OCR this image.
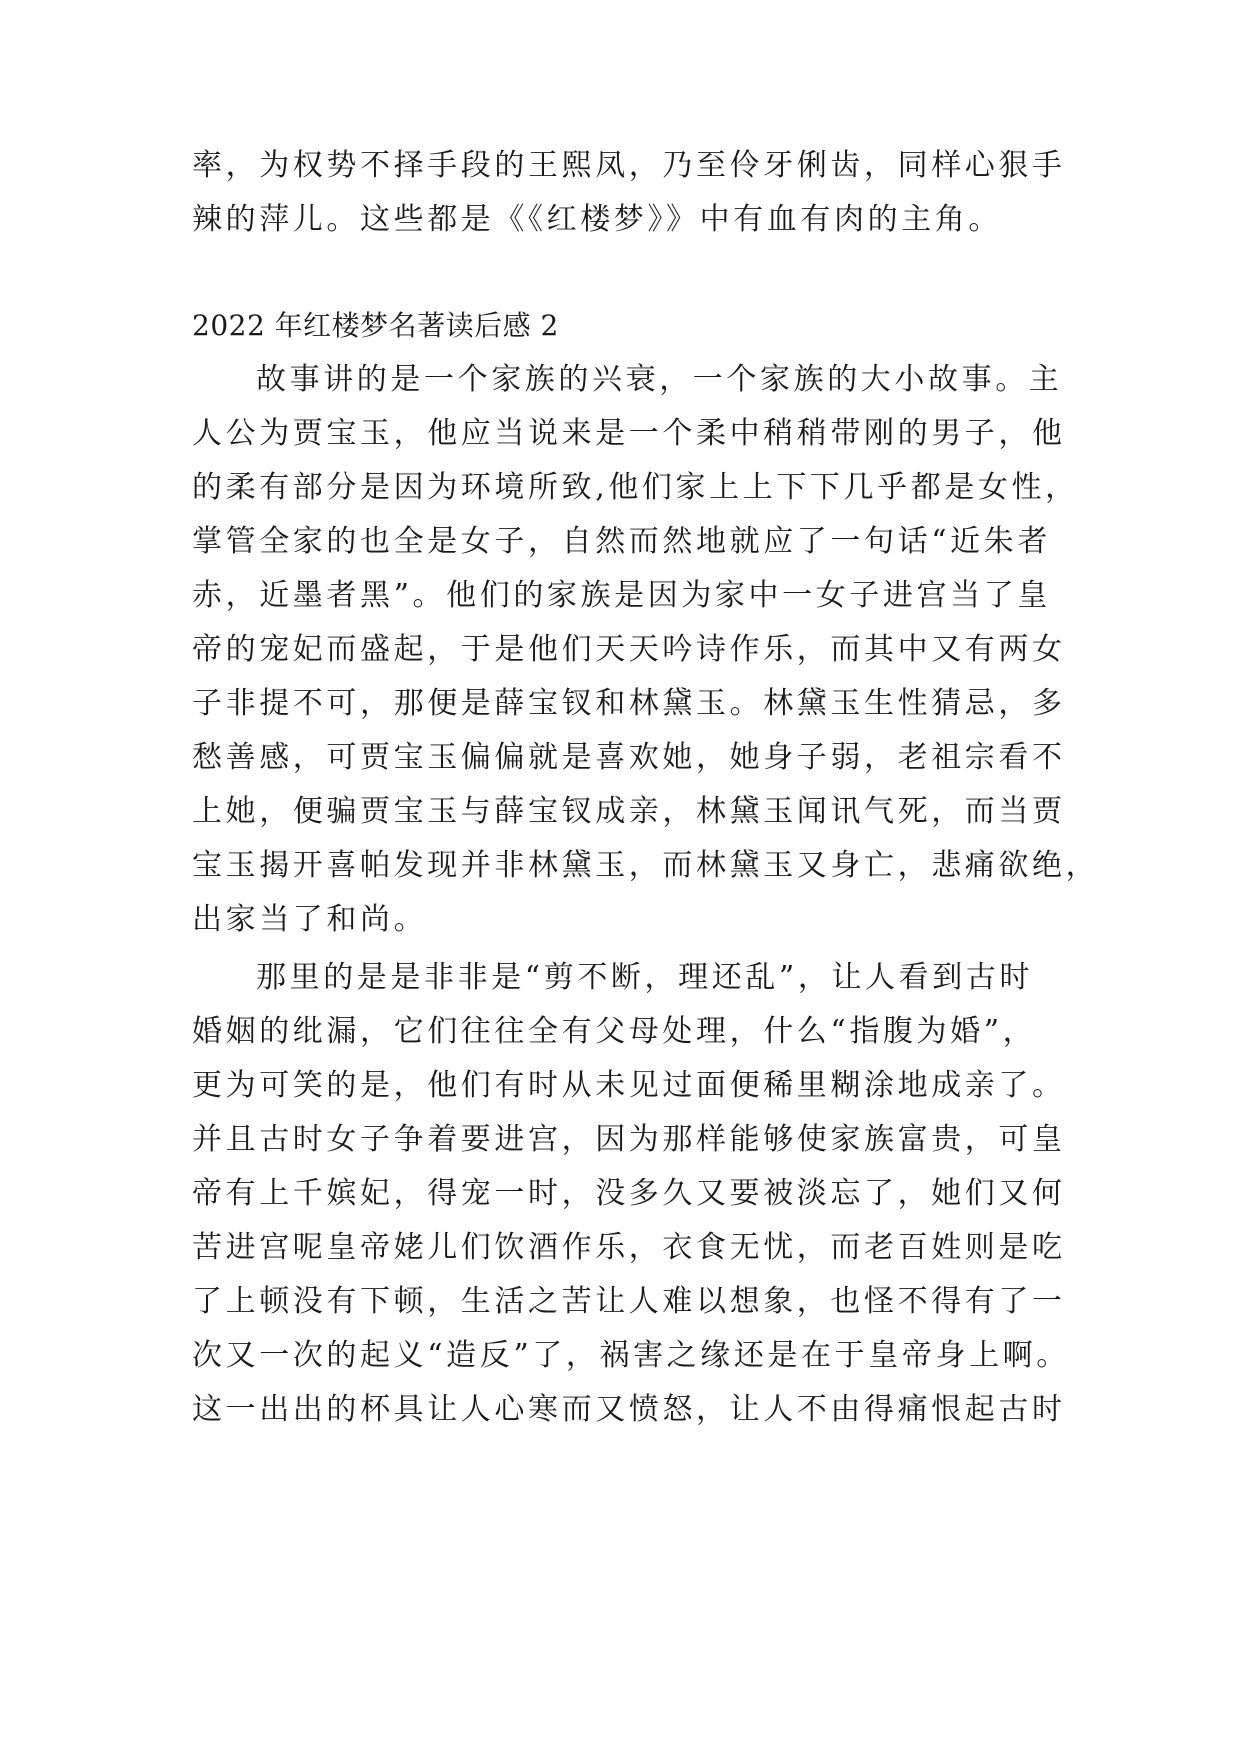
率，为权势不择手段的王熙凤，乃至伶牙俐齿，同样心狠手
辣的萍儿。这些都是《《红楼梦》》中有血有肉的主角。
2022 年红楼梦名著读后感 2
故事讲的是一个家族的兴衰，一个家族的大小故事。主
人公为贾宝玉，他应当说来是一个柔中稍稍带刚的男子，他
的柔有部分是因为环境所致,他们家上上下下几乎都是女性，
掌管全家的也全是女子，自然而然地就应了一句话“近朱者
赤，近墨者黑”。他们的家族是因为家中一女子进宫当了皇
帝的宠妃而盛起，于是他们天天吟诗作乐，而其中又有两女
子非提不可，那便是薛宝钗和林黛玉。林黛玉生性猜忌，多
愁善感，可贾宝玉偏偏就是喜欢她，她身子弱，老祖宗看不
上她，便骗贾宝玉与薛宝钗成亲，林黛玉闻讯气死，而当贾
宝玉揭开喜帕发现并非林黛玉，而林黛玉又身亡，悲痛欲绝，
出家当了和尚。
那里的是是非非是“剪不断，理还乱”，让人看到古时
婚姻的纰漏，它们往往全有父母处理，什么“指腹为婚”，
更为可笑的是，他们有时从未见过面便稀里糊涂地成亲了。
并且古时女子争着要进宫，因为那样能够使家族富贵，可皇
帝有上千嫔妃，得宠一时，没多久又要被淡忘了，她们又何
苦进宫呢皇帝姥儿们饮酒作乐，衣食无忧，而老百姓则是吃
了上顿没有下顿，生活之苦让人难以想象，也怪不得有了一
次又一次的起义“造反”了，祸害之缘还是在于皇帝身上啊。
这一出出的杯具让人心寒而又愤怒，让人不由得痛恨起古时
